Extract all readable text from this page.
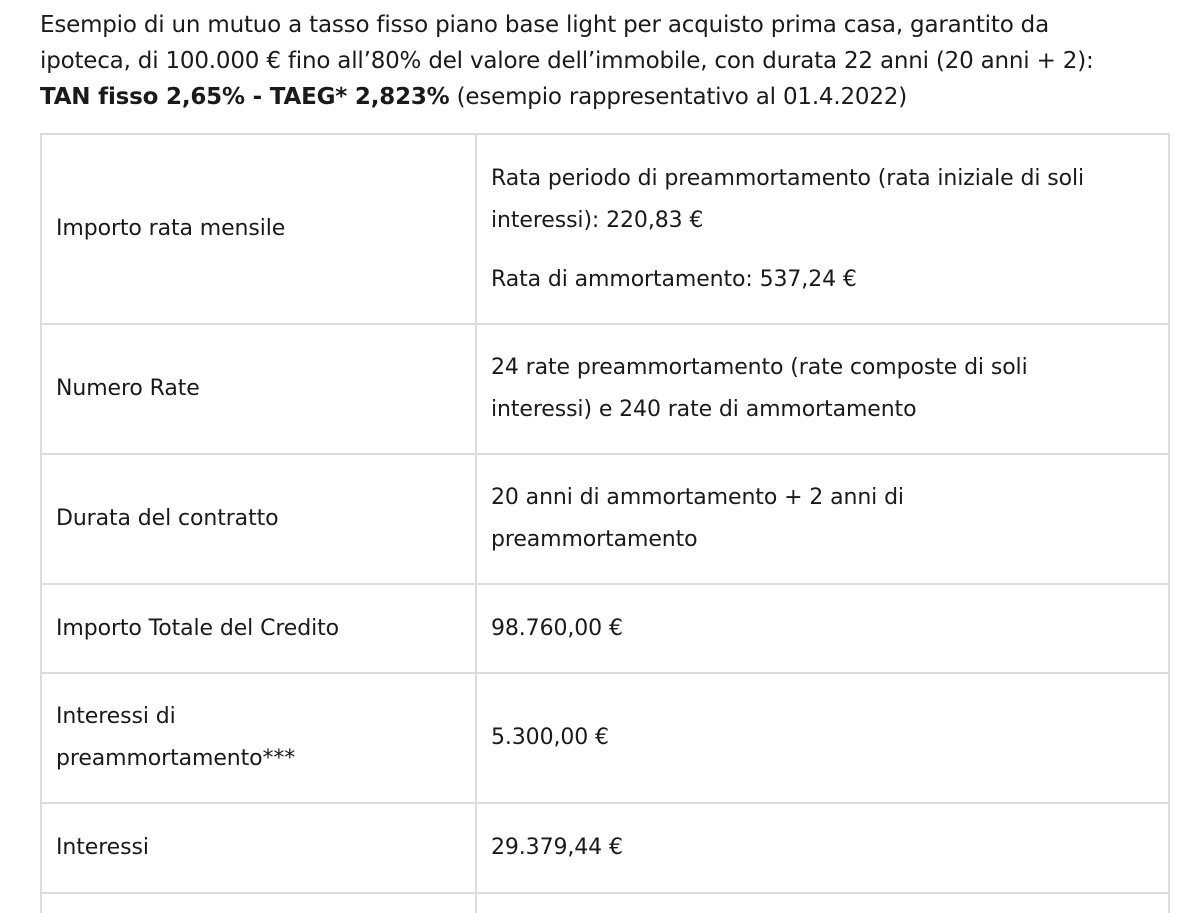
Esempio di un mutuo a tasso fisso piano base light per acquisto prima casa, garantito da
ipoteca, di 100.000 € fino all’80% del valore dell’immobile, con durata 22 anni (20 anni + 2):
TAN fisso 2,65% - TAEG* 2,823% (esempio rappresentativo al 01.4.2022)

Importo rata mensile	Rata periodo di preammortamento (rata iniziale di soli
interessi): 220,83 €

Rata di ammortamento: 537,24 €

Numero Rate	24 rate preammortamento (rate composte di soli
interessi) e 240 rate di ammortamento

Durata del contratto	20 anni di ammortamento + 2 anni di
preammortamento

Importo Totale del Credito	98.760,00 €

Interessi di
preammortamento***	5.300,00 €

Interessi	29.379,44 €
